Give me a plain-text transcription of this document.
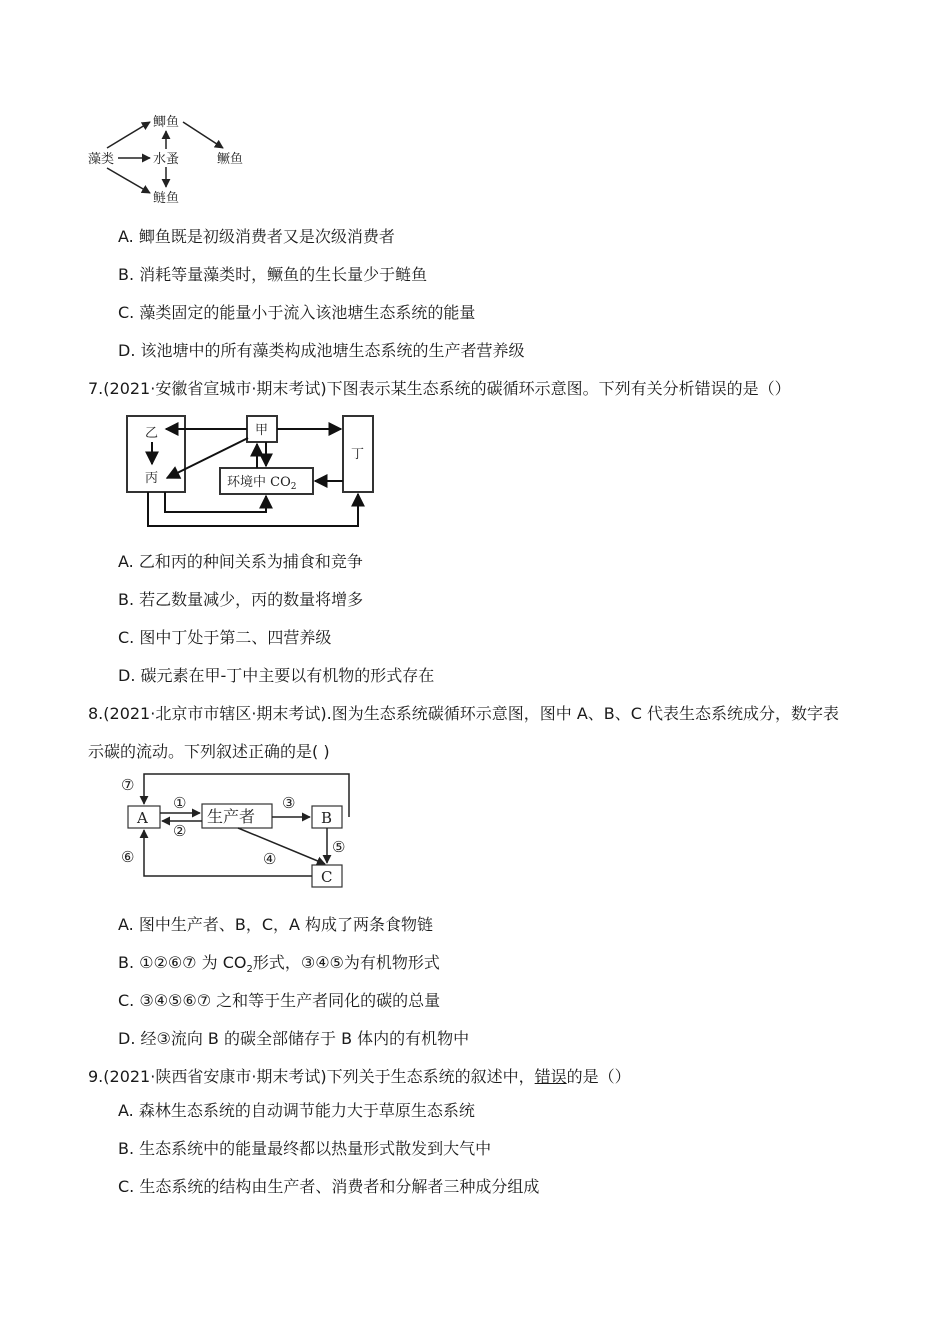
藻类
鲫鱼
水蚤	鳜鱼
鲢鱼
A. 鲫鱼既是初级消费者又是次级消费者
B. 消耗等量藻类时，鳜鱼的生长量少于鲢鱼
C. 藻类固定的能量小于流入该池塘生态系统的能量
D. 该池塘中的所有藻类构成池塘生态系统的生产者营养级
7.(2021·安徽省宣城市·期末考试)下图表示某生态系统的碳循环示意图。下列有关分析错误的是（）
乙
丙
甲
丁
环境中 $CO_2$
A. 乙和丙的种间关系为捕食和竞争
B. 若乙数量减少，丙的数量将增多
C. 图中丁处于第二、四营养级
D. 碳元素在甲-丁中主要以有机物的形式存在
8.(2021·北京市市辖区·期末考试).图为生态系统碳循环示意图，图中 A、B、C 代表生态系统成分，数字表
示碳的流动。下列叙述正确的是( )
A	生产者	B
C
①
②
③
④
⑤
⑥
⑦
A. 图中生产者、B，C，A 构成了两条食物链
B. ①②⑥⑦ 为 $CO_2$形式，③④⑤为有机物形式
C. ③④⑤⑥⑦ 之和等于生产者同化的碳的总量
D. 经③流向 B 的碳全部储存于 B 体内的有机物中
9.(2021·陕西省安康市·期末考试)下列关于生态系统的叙述中，错误的是（）
A. 森林生态系统的自动调节能力大于草原生态系统
B. 生态系统中的能量最终都以热量形式散发到大气中
C. 生态系统的结构由生产者、消费者和分解者三种成分组成
